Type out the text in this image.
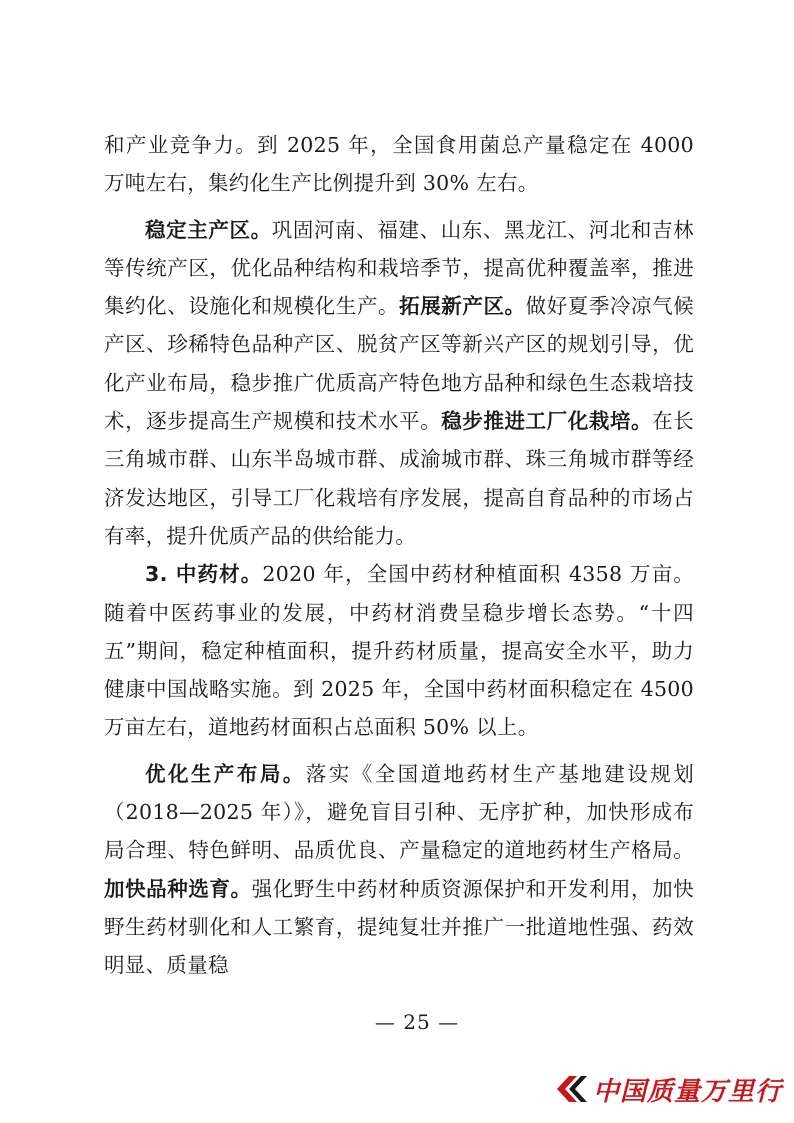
和产业竞争力。到 2025 年，全国食用菌总产量稳定在 4000 万吨左右，集约化生产比例提升到 30% 左右。

稳定主产区。巩固河南、福建、山东、黑龙江、河北和吉林等传统产区，优化品种结构和栽培季节，提高优种覆盖率，推进集约化、设施化和规模化生产。拓展新产区。做好夏季冷凉气候产区、珍稀特色品种产区、脱贫产区等新兴产区的规划引导，优化产业布局，稳步推广优质高产特色地方品种和绿色生态栽培技术，逐步提高生产规模和技术水平。稳步推进工厂化栽培。在长三角城市群、山东半岛城市群、成渝城市群、珠三角城市群等经济发达地区，引导工厂化栽培有序发展，提高自育品种的市场占有率，提升优质产品的供给能力。

3. 中药材。2020 年，全国中药材种植面积 4358 万亩。随着中医药事业的发展，中药材消费呈稳步增长态势。“十四五”期间，稳定种植面积，提升药材质量，提高安全水平，助力健康中国战略实施。到 2025 年，全国中药材面积稳定在 4500 万亩左右，道地药材面积占总面积 50% 以上。

优化生产布局。落实《全国道地药材生产基地建设规划（2018—2025 年）》，避免盲目引种、无序扩种，加快形成布局合理、特色鲜明、品质优良、产量稳定的道地药材生产格局。加快品种选育。强化野生中药材种质资源保护和开发利用，加快野生药材驯化和人工繁育，提纯复壮并推广一批道地性强、药效明显、质量稳

— 25 —
中国质量万里行
